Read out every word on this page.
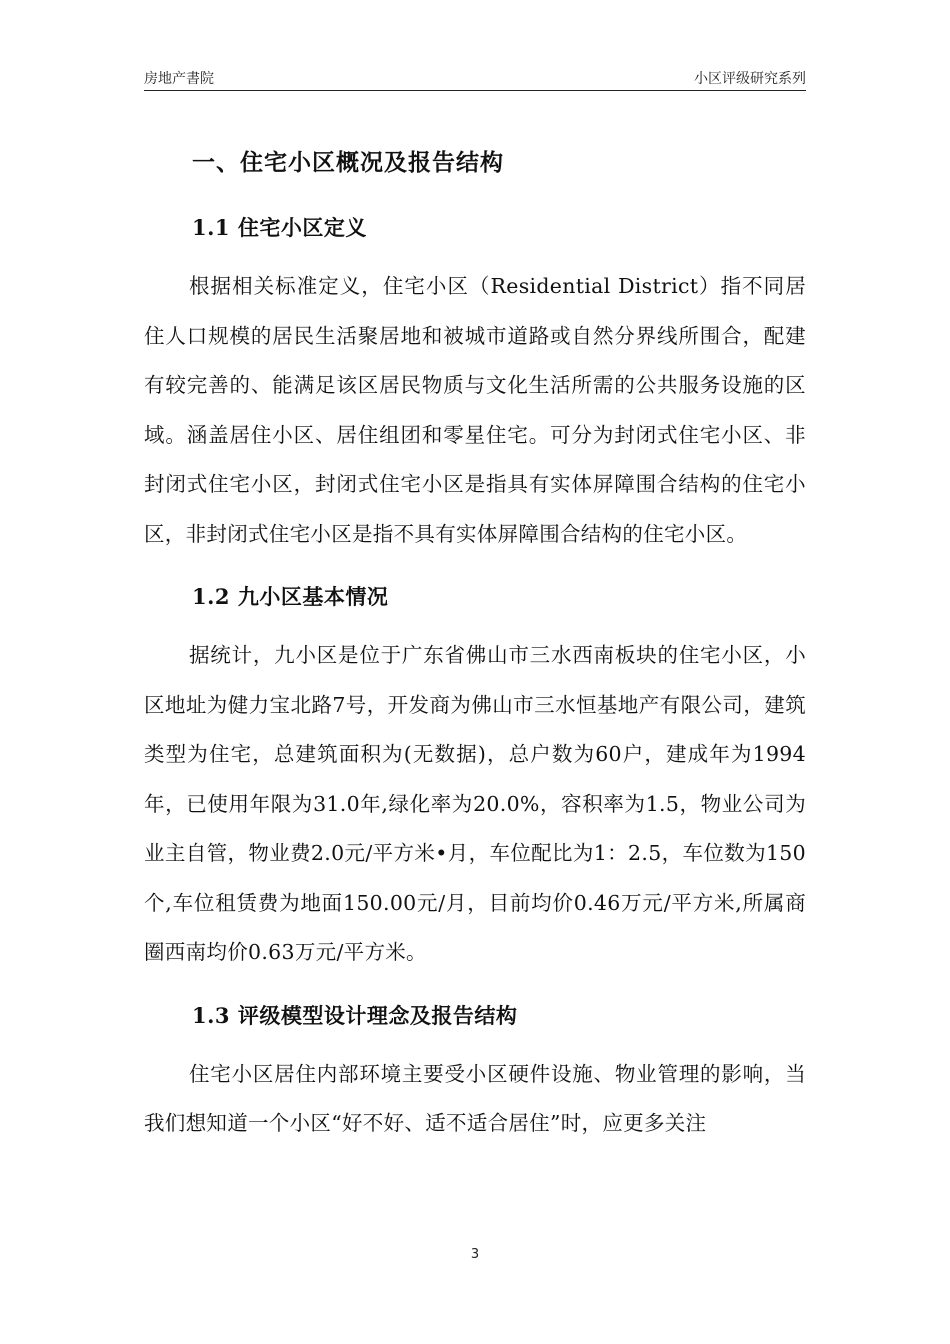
房地产書院	小区评级研究系列
一、住宅小区概况及报告结构
1.1 住宅小区定义

根据相关标准定义，住宅小区（Residential District）指不同居住人口规模的居民生活聚居地和被城市道路或自然分界线所围合，配建有较完善的、能满足该区居民物质与文化生活所需的公共服务设施的区域。涵盖居住小区、居住组团和零星住宅。可分为封闭式住宅小区、非封闭式住宅小区，封闭式住宅小区是指具有实体屏障围合结构的住宅小区，非封闭式住宅小区是指不具有实体屏障围合结构的住宅小区。

1.2 九小区基本情况

据统计，九小区是位于广东省佛山市三水西南板块的住宅小区，小区地址为健力宝北路7号，开发商为佛山市三水恒基地产有限公司，建筑类型为住宅，总建筑面积为(无数据)，总户数为60户，建成年为1994年，已使用年限为31.0年,绿化率为20.0%，容积率为1.5，物业公司为业主自管，物业费2.0元/平方米•月，车位配比为1：2.5，车位数为150个,车位租赁费为地面150.00元/月，目前均价0.46万元/平方米,所属商圈西南均价0.63万元/平方米。

1.3 评级模型设计理念及报告结构

住宅小区居住内部环境主要受小区硬件设施、物业管理的影响，当我们想知道一个小区“好不好、适不适合居住”时，应更多关注

3
